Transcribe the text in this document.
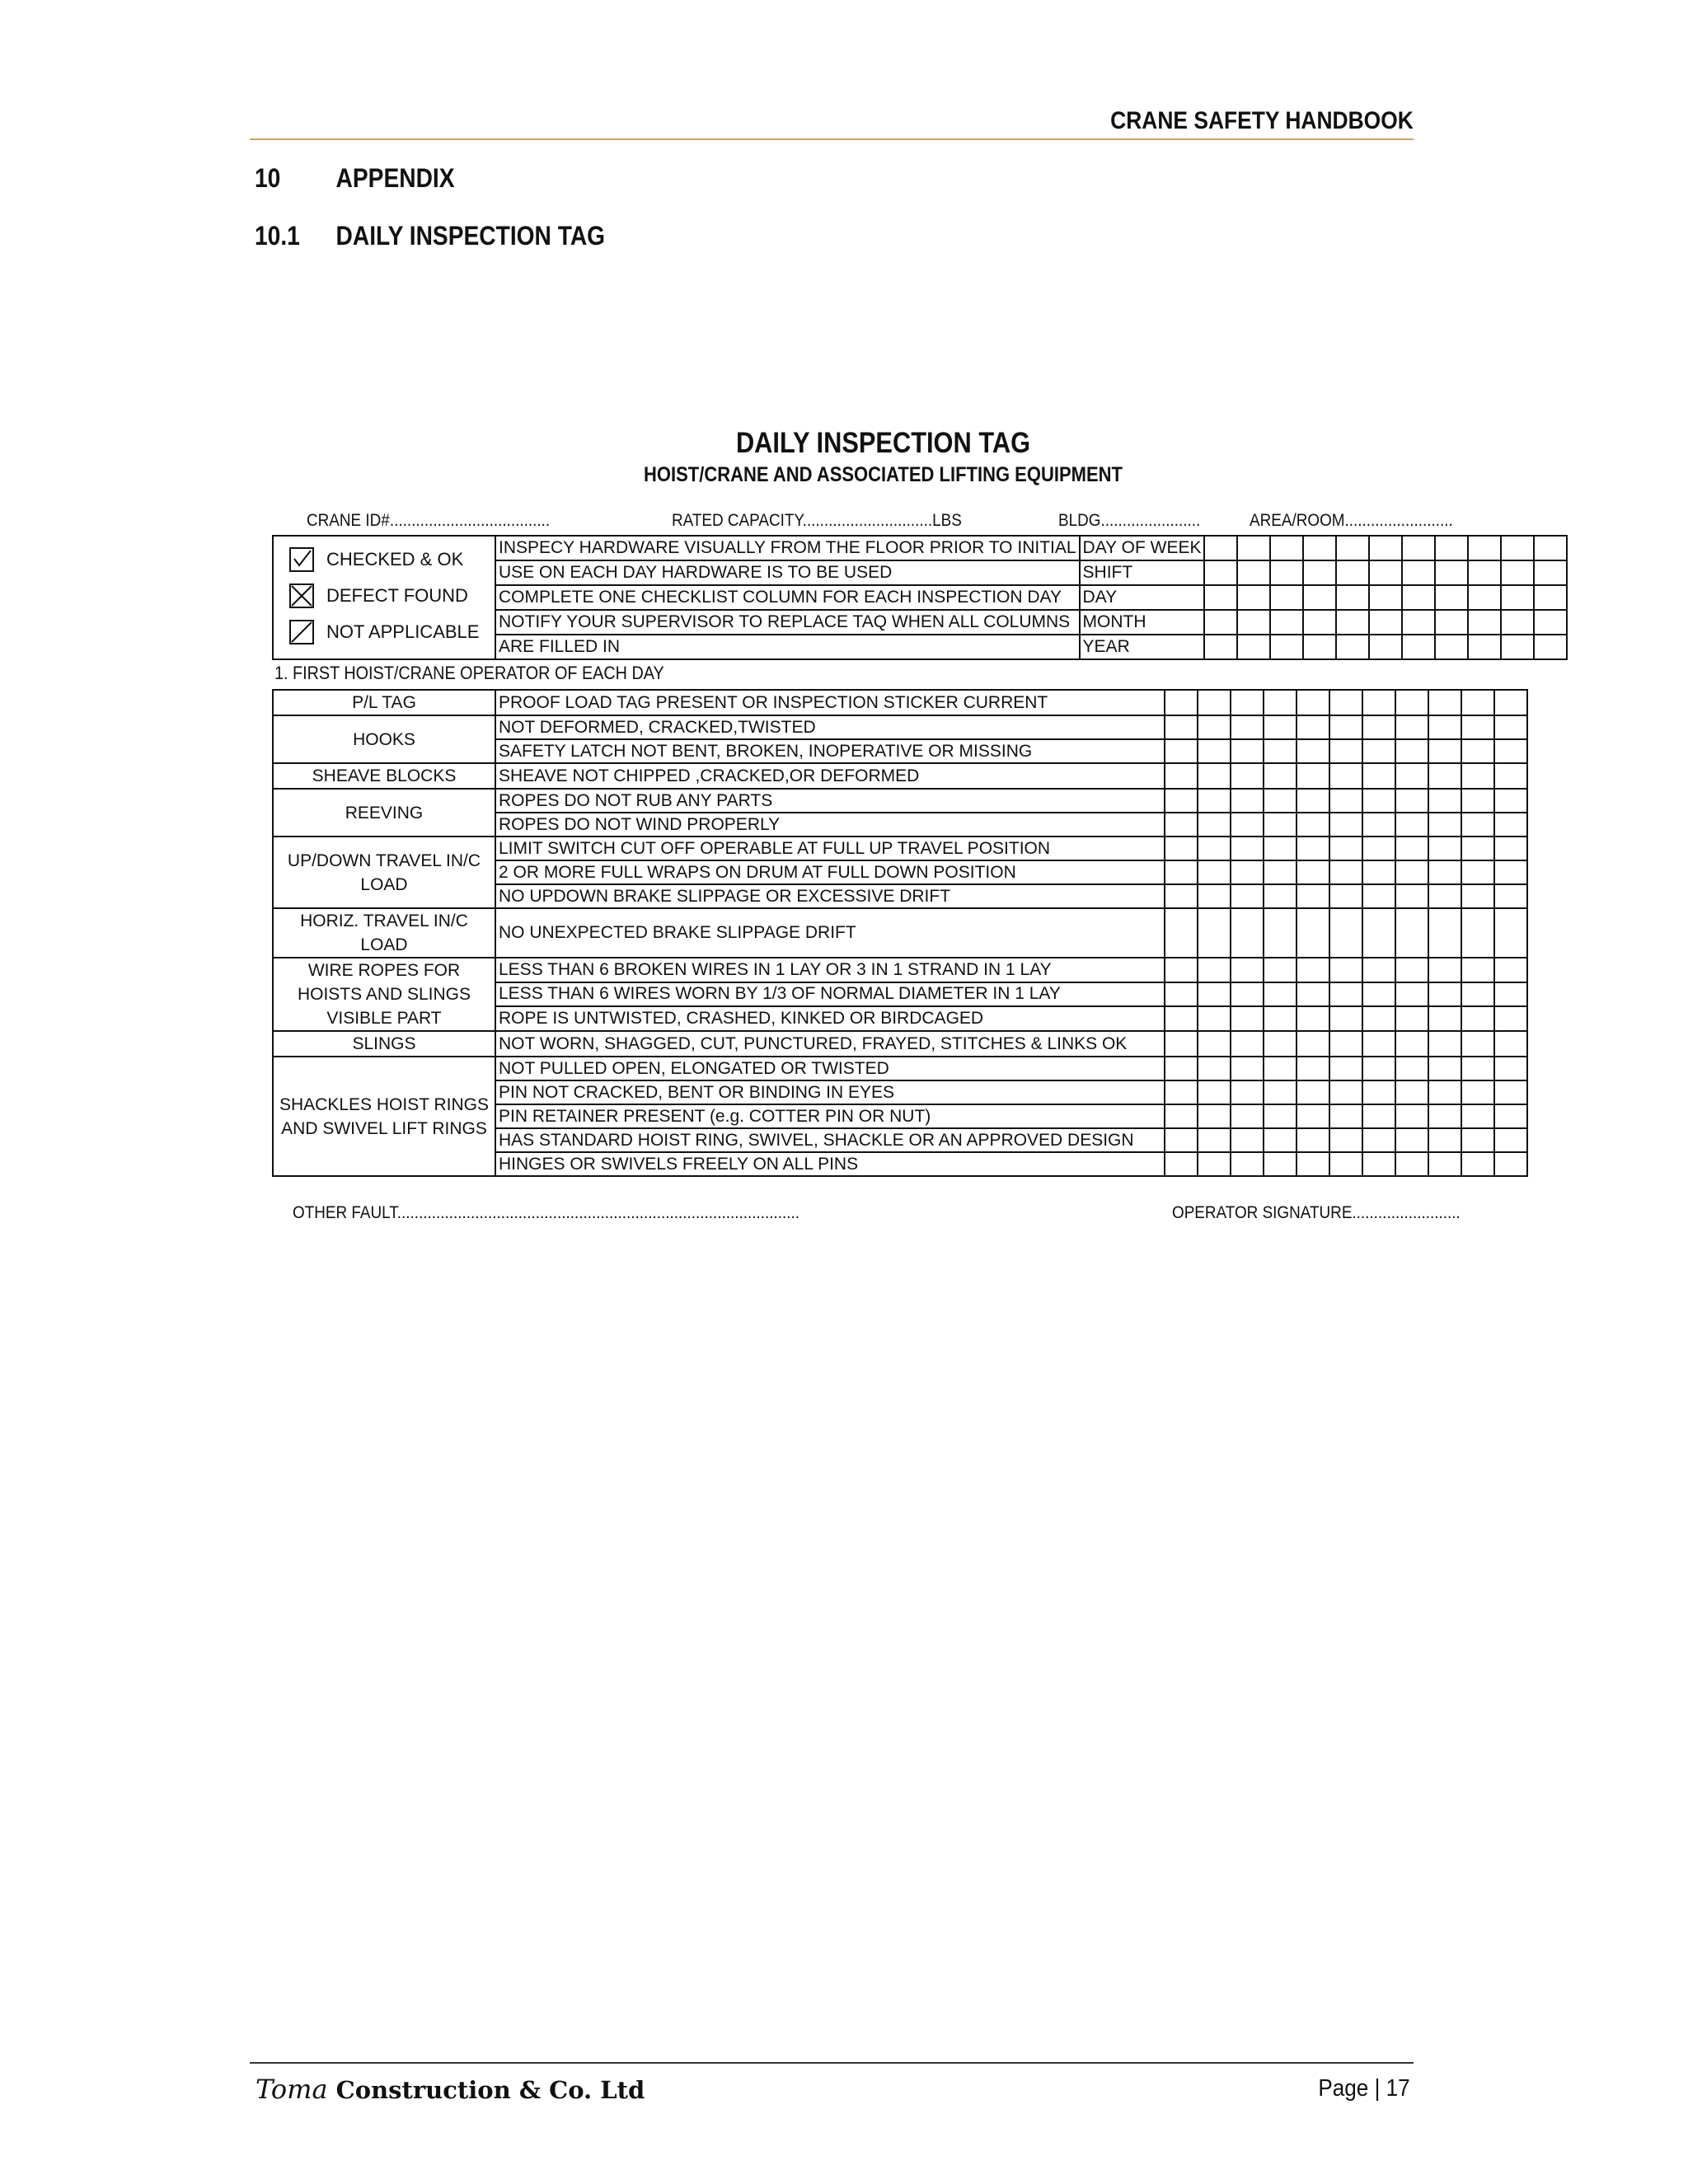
CRANE SAFETY HANDBOOK
10 APPENDIX
10.1 DAILY INSPECTION TAG
DAILY INSPECTION TAG
HOIST/CRANE AND ASSOCIATED LIFTING EQUIPMENT
CRANE ID#.....................................	RATED CAPACITY..............................LBS	BLDG.......................	AREA/ROOM.........................
CHECKED & OK
DEFECT FOUND
NOT APPLICABLE	INSPECY HARDWARE VISUALLY FROM THE FLOOR PRIOR TO INITIAL	DAY OF WEEK											
	USE ON EACH DAY HARDWARE IS TO BE USED	SHIFT											
	COMPLETE ONE CHECKLIST COLUMN FOR EACH INSPECTION DAY	DAY											
	NOTIFY YOUR SUPERVISOR TO REPLACE TAQ WHEN ALL COLUMNS	MONTH											
	ARE FILLED IN	YEAR											
1. FIRST HOIST/CRANE OPERATOR OF EACH DAY
P/L TAG	PROOF LOAD TAG PRESENT OR INSPECTION STICKER CURRENT											
HOOKS	NOT DEFORMED, CRACKED,TWISTED											
	SAFETY LATCH NOT BENT, BROKEN, INOPERATIVE OR MISSING											
SHEAVE BLOCKS	SHEAVE NOT CHIPPED ,CRACKED,OR DEFORMED											
REEVING	ROPES DO NOT RUB ANY PARTS											
	ROPES DO NOT WIND PROPERLY											
UP/DOWN TRAVEL IN/C LOAD	LIMIT SWITCH CUT OFF OPERABLE AT FULL UP TRAVEL POSITION											
	2 OR MORE FULL WRAPS ON DRUM AT FULL DOWN POSITION											
	NO UPDOWN BRAKE SLIPPAGE OR EXCESSIVE DRIFT											
HORIZ. TRAVEL IN/C LOAD	NO UNEXPECTED BRAKE SLIPPAGE DRIFT											
WIRE ROPES FOR HOISTS AND SLINGS VISIBLE PART	LESS THAN 6 BROKEN WIRES IN 1 LAY OR 3 IN 1 STRAND IN 1 LAY											
	LESS THAN 6 WIRES WORN BY 1/3 OF NORMAL DIAMETER IN 1 LAY											
	ROPE IS UNTWISTED, CRASHED, KINKED OR BIRDCAGED											
SLINGS	NOT WORN, SHAGGED, CUT, PUNCTURED, FRAYED, STITCHES & LINKS OK											
SHACKLES HOIST RINGS AND SWIVEL LIFT RINGS	NOT PULLED OPEN, ELONGATED OR TWISTED											
	PIN NOT CRACKED, BENT OR BINDING IN EYES											
	PIN RETAINER PRESENT (e.g. COTTER PIN OR NUT)											
	HAS STANDARD HOIST RING, SWIVEL, SHACKLE OR AN APPROVED DESIGN											
	HINGES OR SWIVELS FREELY ON ALL PINS											
OTHER FAULT.............................................................................................	OPERATOR SIGNATURE.........................
Toma Construction & Co. Ltd	Page | 17
